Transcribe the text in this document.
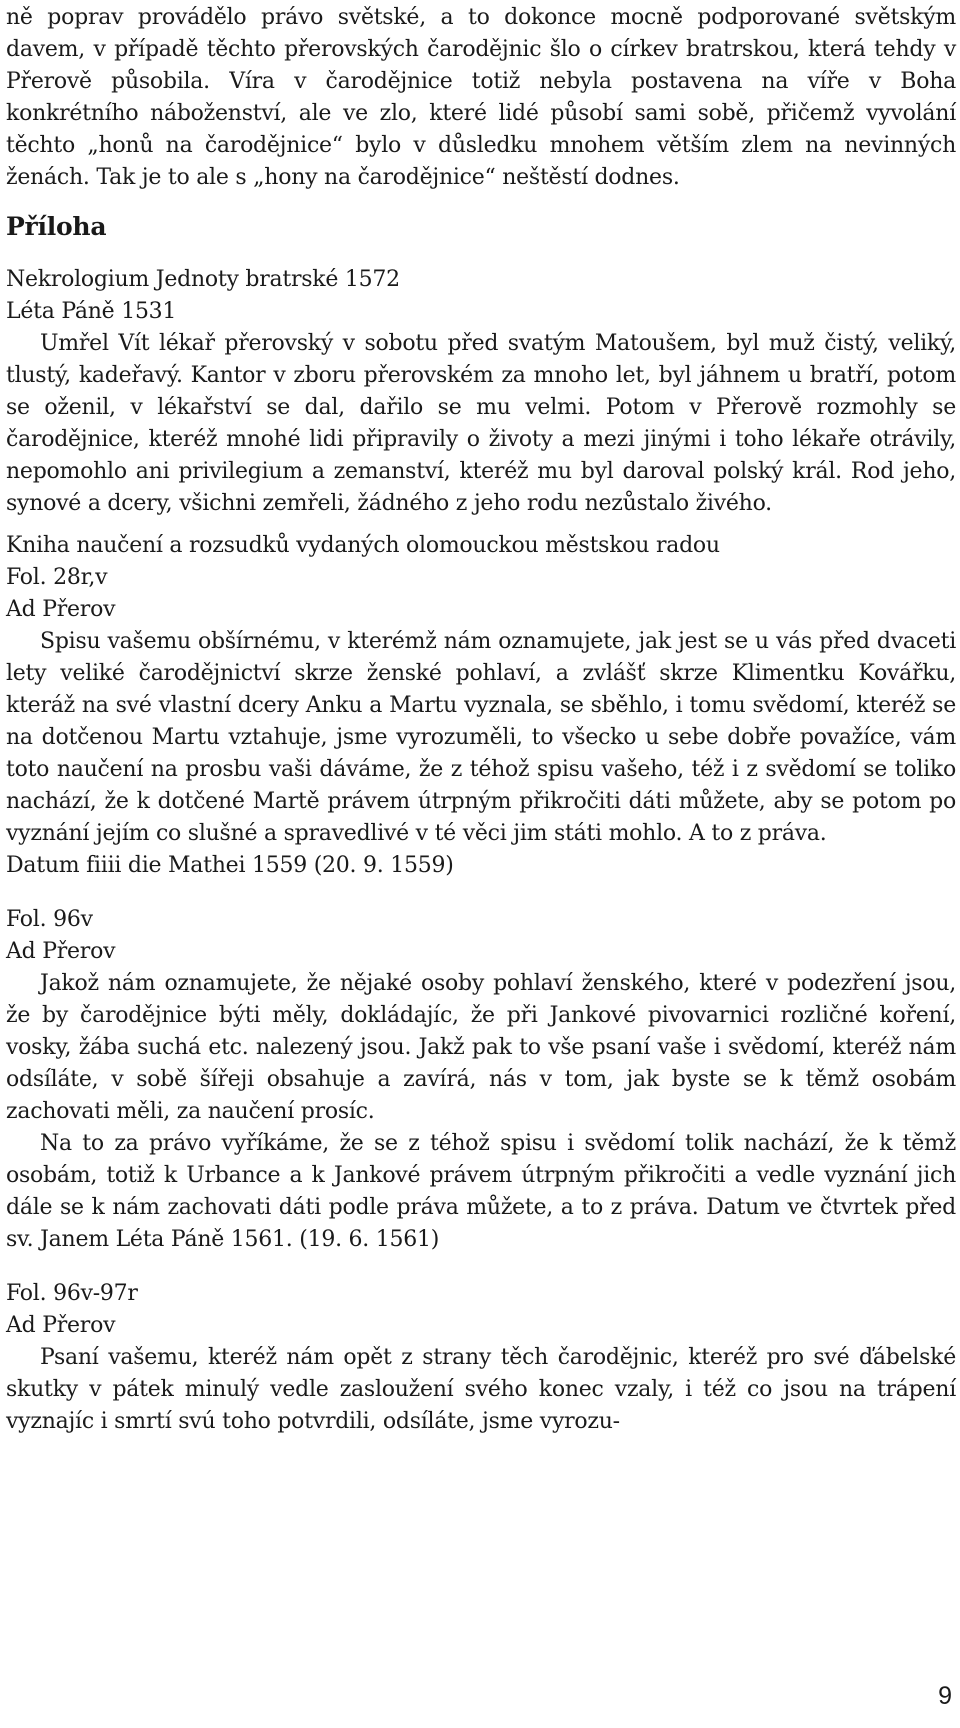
ně poprav provádělo právo světské, a to dokonce mocně podporované světským davem, v případě těchto přerovských čarodějnic šlo o církev bratrskou, která tehdy v Přerově působila. Víra v čarodějnice totiž nebyla postavena na víře v Boha konkrétního náboženství, ale ve zlo, které lidé působí sami sobě, přičemž vyvolání těchto „honů na čarodějnice“ bylo v důsledku mnohem větším zlem na nevinných ženách. Tak je to ale s „hony na čarodějnice“ neštěstí dodnes.

Příloha

Nekrologium Jednoty bratrské 1572

Léta Páně 1531

Umřel Vít lékař přerovský v sobotu před svatým Matoušem, byl muž čistý, veliký, tlustý, kadeřavý. Kantor v zboru přerovském za mnoho let, byl jáhnem u bratří, potom se oženil, v lékařství se dal, dařilo se mu velmi. Potom v Přerově rozmohly se čarodějnice, kteréž mnohé lidi připravily o životy a mezi jinými i toho lékaře otrávily, nepomohlo ani privilegium a zemanství, kteréž mu byl daroval polský král. Rod jeho, synové a dcery, všichni zemřeli, žádného z jeho rodu nezůstalo živého.

Kniha naučení a rozsudků vydaných olomouckou městskou radou

Fol. 28r,v

Ad Přerov

Spisu vašemu obšírnému, v kterémž nám oznamujete, jak jest se u vás před dvaceti lety veliké čarodějnictví skrze ženské pohlaví, a zvlášť skrze Klimentku Kovářku, kteráž na své vlastní dcery Anku a Martu vyznala, se sběhlo, i tomu svědomí, kteréž se na dotčenou Martu vztahuje, jsme vyrozuměli, to všecko u sebe dobře považíce, vám toto naučení na prosbu vaši dáváme, že z téhož spisu vašeho, též i z svědomí se toliko nachází, že k dotčené Martě právem útrpným přikročiti dáti můžete, aby se potom po vyznání jejím co slušné a spravedlivé v té věci jim státi mohlo. A to z práva.

Datum fiiii die Mathei 1559 (20. 9. 1559)

Fol. 96v

Ad Přerov

Jakož nám oznamujete, že nějaké osoby pohlaví ženského, které v podezření jsou, že by čarodějnice býti měly, dokládajíc, že při Jankové pivovarnici rozličné koření, vosky, žába suchá etc. nalezený jsou. Jakž pak to vše psaní vaše i svědomí, kteréž nám odsíláte, v sobě šířeji obsahuje a zavírá, nás v tom, jak byste se k těmž osobám zachovati měli, za naučení prosíc.

Na to za právo vyříkáme, že se z téhož spisu i svědomí tolik nachází, že k těmž osobám, totiž k Urbance a k Jankové právem útrpným přikročiti a vedle vyznání jich dále se k nám zachovati dáti podle práva můžete, a to z práva. Datum ve čtvrtek před sv. Janem Léta Páně 1561. (19. 6. 1561)

Fol. 96v-97r

Ad Přerov

Psaní vašemu, kteréž nám opět z strany těch čarodějnic, kteréž pro své ďábelské skutky v pátek minulý vedle zasloužení svého konec vzaly, i též co jsou na trápení vyznajíc i smrtí svú toho potvrdili, odsíláte, jsme vyrozu-

9
